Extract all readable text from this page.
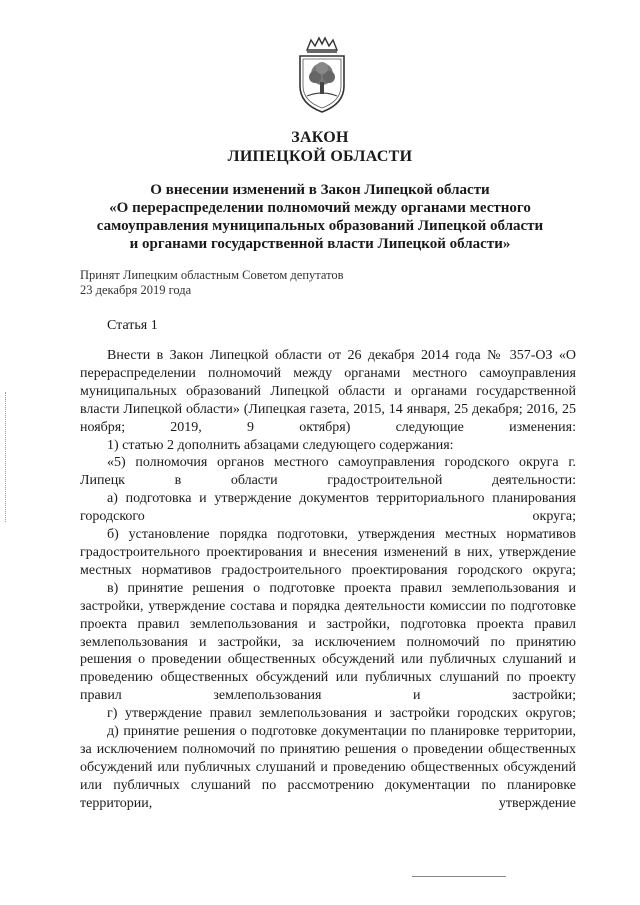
ЗАКОН
ЛИПЕЦКОЙ ОБЛАСТИ
О внесении изменений в Закон Липецкой области
«О перераспределении полномочий между органами местного
самоуправления муниципальных образований Липецкой области
и органами государственной власти Липецкой области»
Принят Липецким областным Советом депутатов
23 декабря 2019 года
Статья 1
Внести в Закон Липецкой области от 26 декабря 2014 года № 357-ОЗ «О перераспределении полномочий между органами местного самоуправления муниципальных образований Липецкой области и органами государственной власти Липецкой области» (Липецкая газета, 2015, 14 января, 25 декабря; 2016, 25 ноября; 2019, 9 октября) следующие изменения:
1) статью 2 дополнить абзацами следующего содержания:
«5) полномочия органов местного самоуправления городского округа г. Липецк в области градостроительной деятельности:
а) подготовка и утверждение документов территориального планирования городского округа;
б) установление порядка подготовки, утверждения местных нормативов градостроительного проектирования и внесения изменений в них, утверждение местных нормативов градостроительного проектирования городского округа;
в) принятие решения о подготовке проекта правил землепользования и застройки, утверждение состава и порядка деятельности комиссии по подготовке проекта правил землепользования и застройки, подготовка проекта правил землепользования и застройки, за исключением полномочий по принятию решения о проведении общественных обсуждений или публичных слушаний и проведению общественных обсуждений или публичных слушаний по проекту правил землепользования и застройки;
г) утверждение правил землепользования и застройки городских округов;
д) принятие решения о подготовке документации по планировке территории, за исключением полномочий по принятию решения о проведении общественных обсуждений или публичных слушаний и проведению общественных обсуждений или публичных слушаний по рассмотрению документации по планировке территории, утверждение
